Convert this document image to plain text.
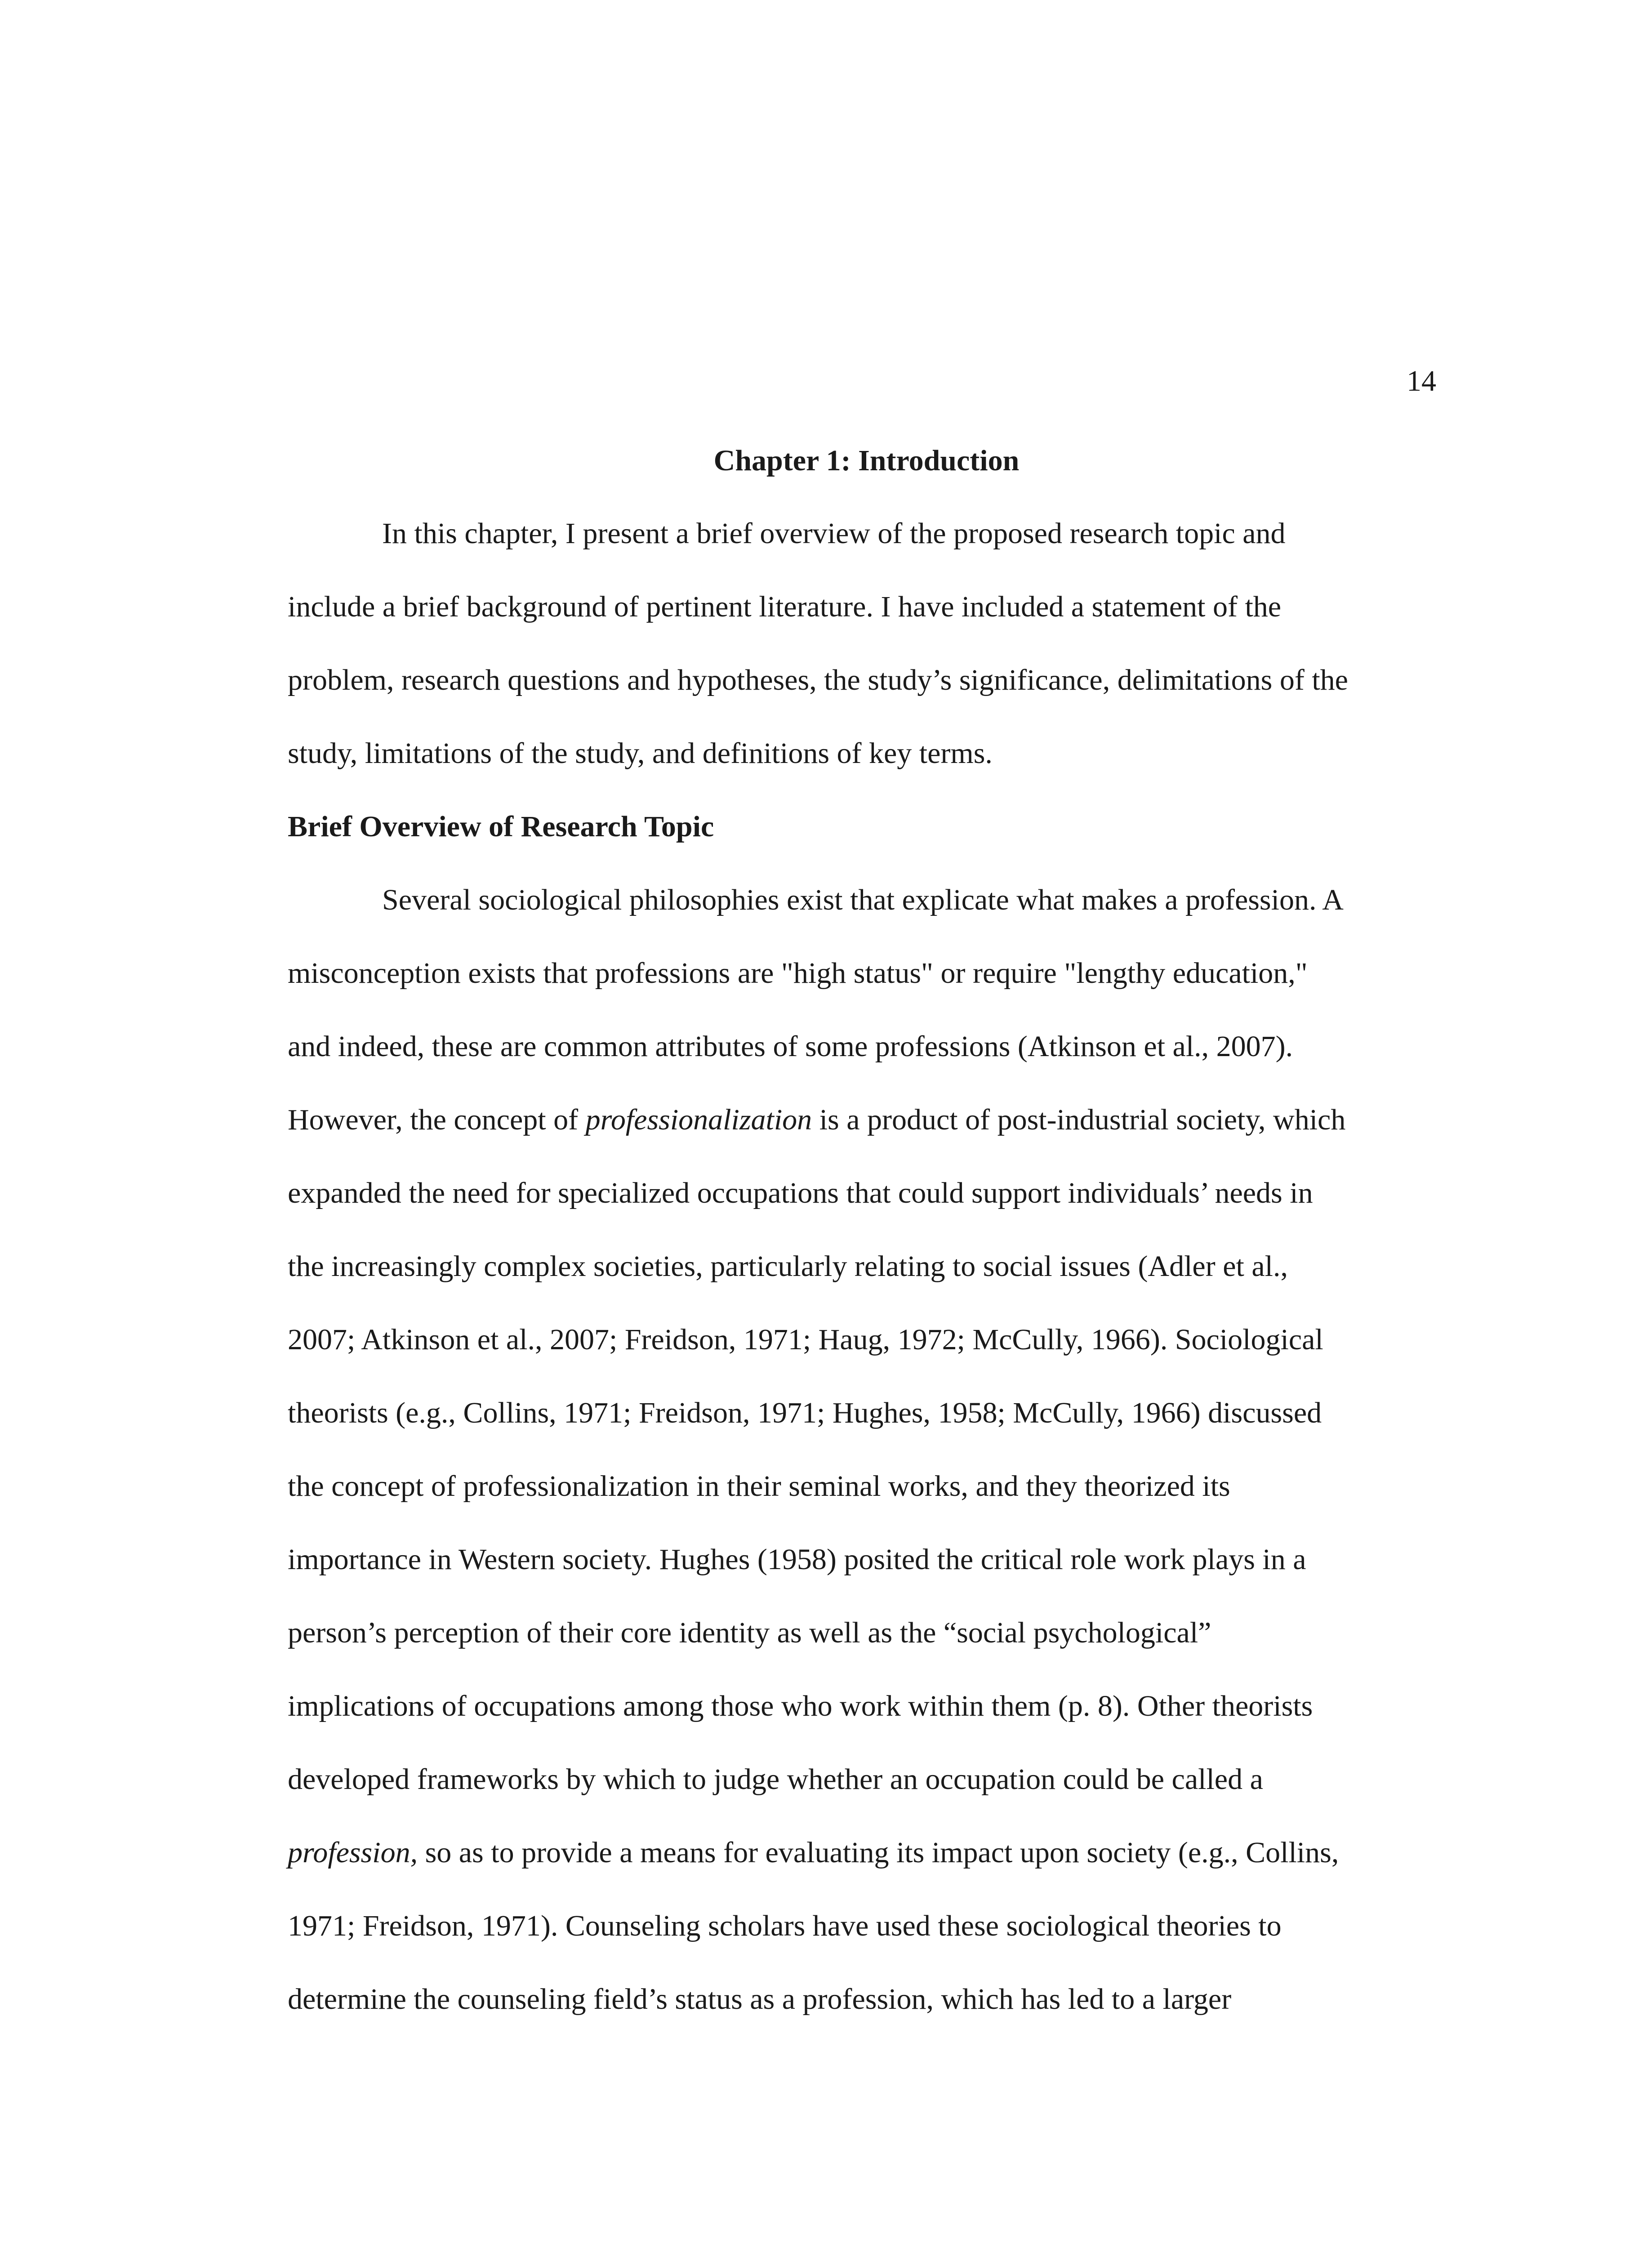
14
Chapter 1: Introduction
In this chapter, I present a brief overview of the proposed research topic and
include a brief background of pertinent literature. I have included a statement of the
problem, research questions and hypotheses, the study’s significance, delimitations of the
study, limitations of the study, and definitions of key terms.
Brief Overview of Research Topic
Several sociological philosophies exist that explicate what makes a profession. A
misconception exists that professions are "high status" or require "lengthy education,"
and indeed, these are common attributes of some professions (Atkinson et al., 2007).
However, the concept of professionalization is a product of post-industrial society, which
expanded the need for specialized occupations that could support individuals’ needs in
the increasingly complex societies, particularly relating to social issues (Adler et al.,
2007; Atkinson et al., 2007; Freidson, 1971; Haug, 1972; McCully, 1966). Sociological
theorists (e.g., Collins, 1971; Freidson, 1971; Hughes, 1958; McCully, 1966) discussed
the concept of professionalization in their seminal works, and they theorized its
importance in Western society. Hughes (1958) posited the critical role work plays in a
person’s perception of their core identity as well as the “social psychological”
implications of occupations among those who work within them (p. 8). Other theorists
developed frameworks by which to judge whether an occupation could be called a
profession, so as to provide a means for evaluating its impact upon society (e.g., Collins,
1971; Freidson, 1971). Counseling scholars have used these sociological theories to
determine the counseling field’s status as a profession, which has led to a larger
